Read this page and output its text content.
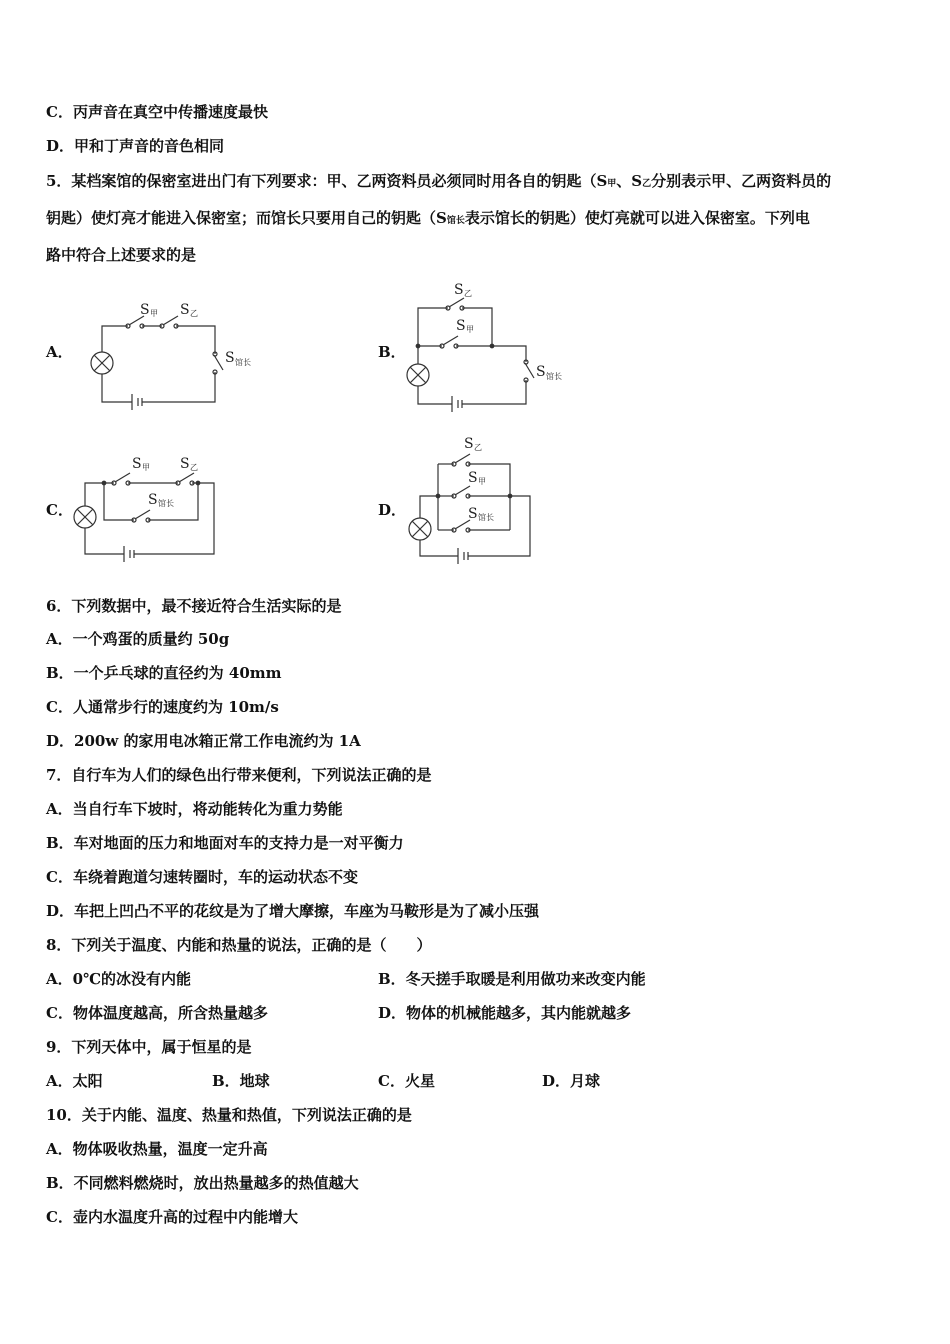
C．丙声音在真空中传播速度最快
D．甲和丁声音的音色相同
5．某档案馆的保密室进出门有下列要求：甲、乙两资料员必须同时用各自的钥匙（S甲、S乙分别表示甲、乙两资料员的
钥匙）使灯亮才能进入保密室；而馆长只要用自己的钥匙（S馆长表示馆长的钥匙）使灯亮就可以进入保密室。下列电
路中符合上述要求的是
A．	B．
C．	D．
S 甲 S 乙
S 馆长
S 乙
S 甲
S 馆长
S 甲 S 乙
S 馆长
S 乙
S 甲
S 馆长
6．下列数据中，最不接近符合生活实际的是
A．一个鸡蛋的质量约 50g
B．一个乒乓球的直径约为 40mm
C．人通常步行的速度约为 10m/s
D．200w 的家用电冰箱正常工作电流约为 1A
7．自行车为人们的绿色出行带来便利，下列说法正确的是
A．当自行车下坡时，将动能转化为重力势能
B．车对地面的压力和地面对车的支持力是一对平衡力
C．车绕着跑道匀速转圈时，车的运动状态不变
D．车把上凹凸不平的花纹是为了增大摩擦，车座为马鞍形是为了减小压强
8．下列关于温度、内能和热量的说法，正确的是（　　）
A．0℃的冰没有内能	B．冬天搓手取暖是利用做功来改变内能
C．物体温度越高，所含热量越多	D．物体的机械能越多，其内能就越多
9．下列天体中，属于恒星的是
A．太阳	B．地球	C．火星	D．月球
10．关于内能、温度、热量和热值，下列说法正确的是
A．物体吸收热量，温度一定升高
B．不同燃料燃烧时，放出热量越多的热值越大
C．壶内水温度升高的过程中内能增大
